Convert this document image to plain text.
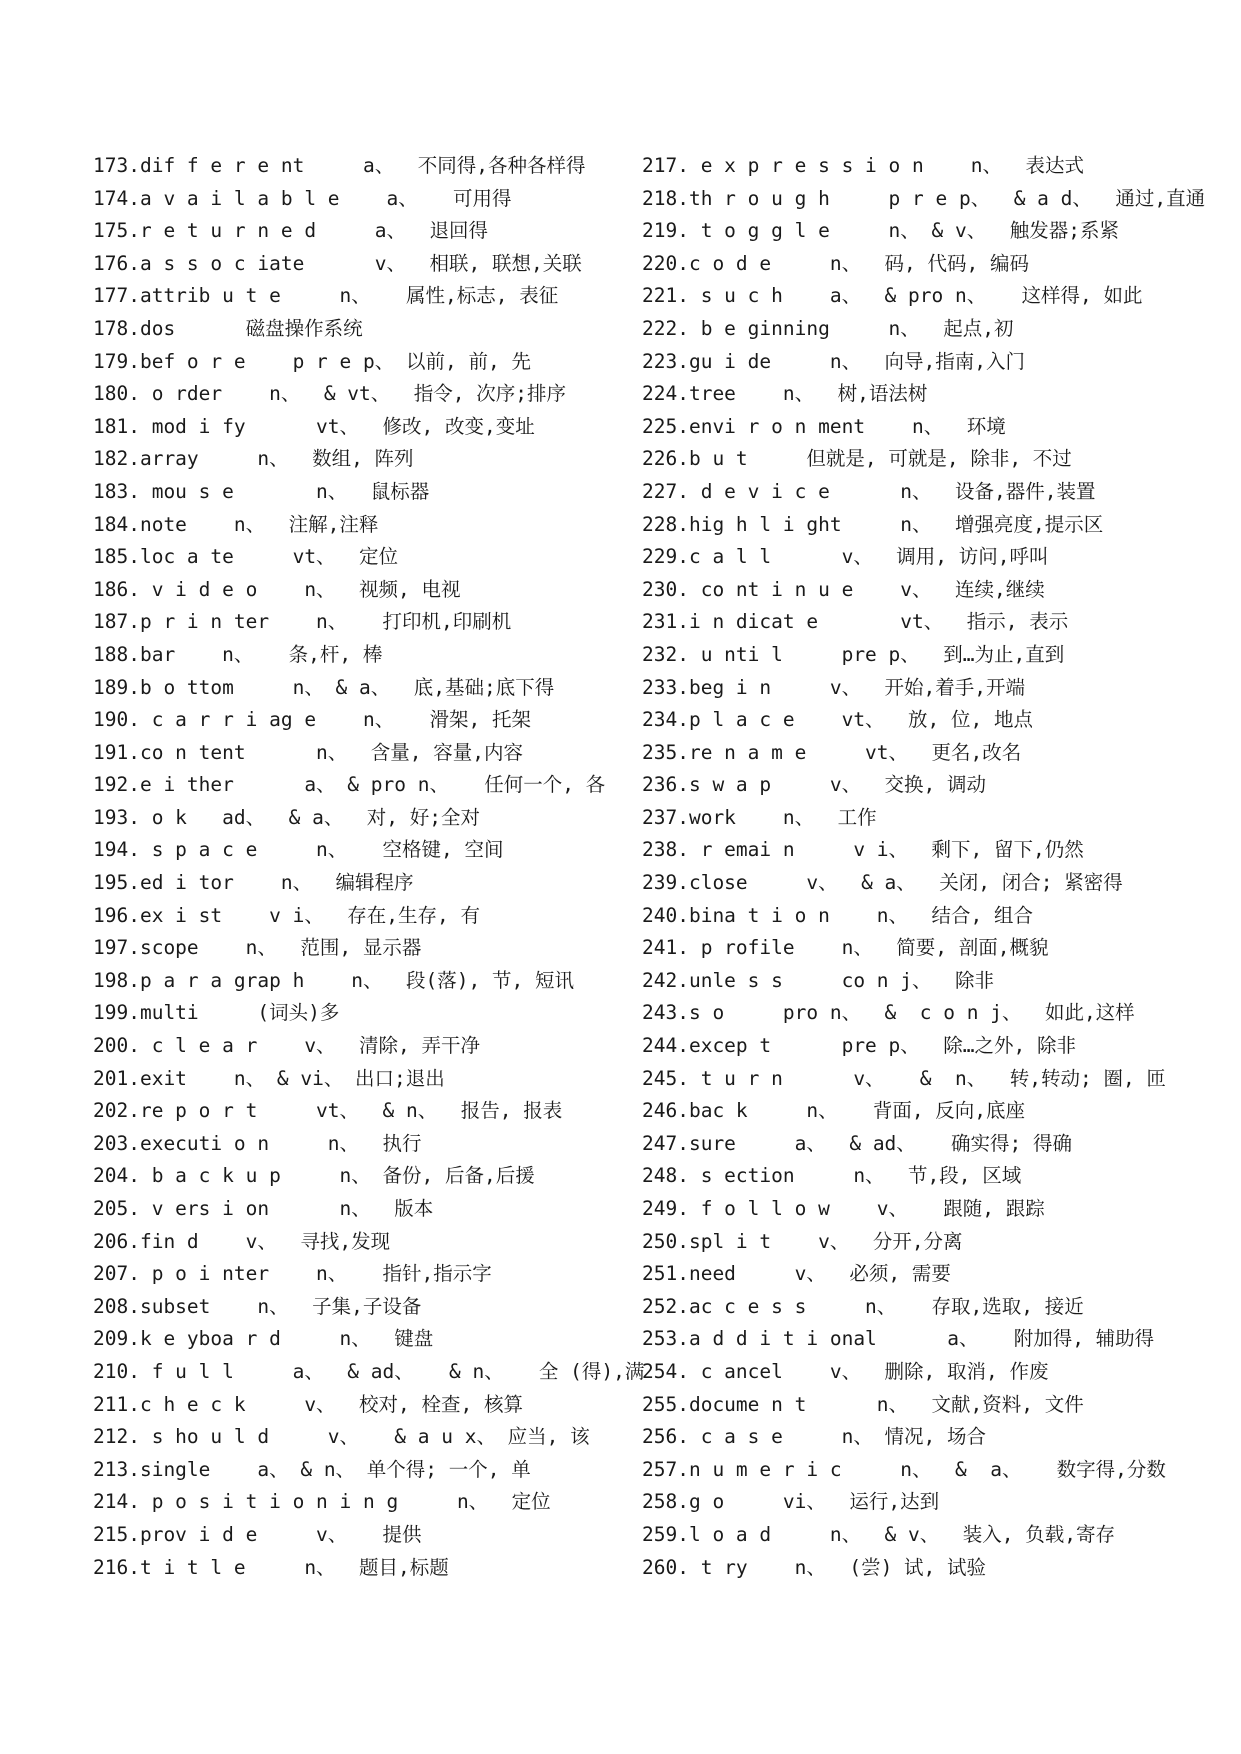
173.dif f e r e nt     a、  不同得,各种各样得
174.a v a i l a b l e    a、   可用得
175.r e t u r n e d     a、  退回得
176.a s s o c iate      v、  相联, 联想,关联
177.attrib u t e     n、   属性,标志, 表征
178.dos      磁盘操作系统
179.bef o r e    p r e p、 以前, 前, 先
180. o rder    n、  & vt、  指令, 次序;排序
181. mod i fy      vt、  修改, 改变,变址
182.array     n、  数组, 阵列
183. mou s e       n、  鼠标器
184.note    n、  注解,注释
185.loc a te     vt、  定位
186. v i d e o    n、  视频, 电视
187.p r i n ter    n、   打印机,印刷机
188.bar    n、   条,杆, 棒
189.b o ttom     n、 & a、  底,基础;底下得
190. c a r r i ag e    n、   滑架, 托架
191.co n tent      n、  含量, 容量,内容
192.e i ther      a、 & pro n、   任何一个, 各
193. o k   ad、  & a、  对, 好;全对
194. s p a c e     n、   空格键, 空间
195.ed i tor    n、  编辑程序
196.ex i st    v i、  存在,生存, 有
197.scope    n、  范围, 显示器
198.p a r a grap h    n、  段(落), 节, 短讯
199.multi     (词头)多
200. c l e a r    v、  清除, 弄干净
201.exit    n、 & vi、 出口;退出
202.re p o r t     vt、  & n、  报告, 报表
203.executi o n     n、  执行
204. b a c k u p     n、 备份, 后备,后援
205. v ers i on      n、  版本
206.fin d    v、  寻找,发现
207. p o i nter    n、   指针,指示字
208.subset    n、  子集,子设备
209.k e yboa r d     n、  键盘
210. f u l l     a、  & ad、   & n、   全 (得),满
211.c h e c k     v、  校对, 栓查, 核算
212. s ho u l d     v、   & a u x、 应当, 该
213.single    a、 & n、 单个得; 一个, 单
214. p o s i t i o n i n g     n、  定位
215.prov i d e     v、   提供
216.t i t l e     n、  题目,标题
217. e x p r e s s i o n    n、  表达式
218.th r o u g h     p r e p、  & a d、  通过,直通
219. t o g g l e     n、 & v、  触发器;系紧
220.c o d e     n、  码, 代码, 编码
221. s u c h    a、  & pro n、   这样得, 如此
222. b e ginning     n、  起点,初
223.gu i de     n、  向导,指南,入门
224.tree    n、  树,语法树
225.envi r o n ment    n、  环境
226.b u t     但就是, 可就是, 除非, 不过
227. d e v i c e      n、  设备,器件,装置
228.hig h l i ght     n、  增强亮度,提示区
229.c a l l      v、  调用, 访问,呼叫
230. co nt i n u e    v、  连续,继续
231.i n dicat e       vt、  指示, 表示
232. u nti l     pre p、  到…为止,直到
233.beg i n     v、  开始,着手,开端
234.p l a c e    vt、  放, 位, 地点
235.re n a m e     vt、  更名,改名
236.s w a p     v、  交换, 调动
237.work    n、  工作
238. r emai n     v i、  剩下, 留下,仍然
239.close     v、  & a、  关闭, 闭合; 紧密得
240.bina t i o n    n、  结合, 组合
241. p rofile    n、  简要, 剖面,概貌
242.unle s s     co n j、  除非
243.s o     pro n、  &  c o n j、  如此,这样
244.excep t      pre p、  除…之外, 除非
245. t u r n      v、   &  n、  转,转动; 圈, 匝
246.bac k     n、   背面, 反向,底座
247.sure     a、  & ad、   确实得; 得确
248. s ection     n、  节,段, 区域
249. f o l l o w    v、   跟随, 跟踪
250.spl i t    v、  分开,分离
251.need     v、  必须, 需要
252.ac c e s s     n、   存取,选取, 接近
253.a d d i t i onal      a、   附加得, 辅助得
254. c ancel    v、  删除, 取消, 作废
255.docume n t      n、  文献,资料, 文件
256. c a s e     n、 情况, 场合
257.n u m e r i c     n、  &  a、   数字得,分数
258.g o     vi、  运行,达到
259.l o a d     n、  & v、  装入, 负载,寄存
260. t ry    n、  (尝) 试, 试验
